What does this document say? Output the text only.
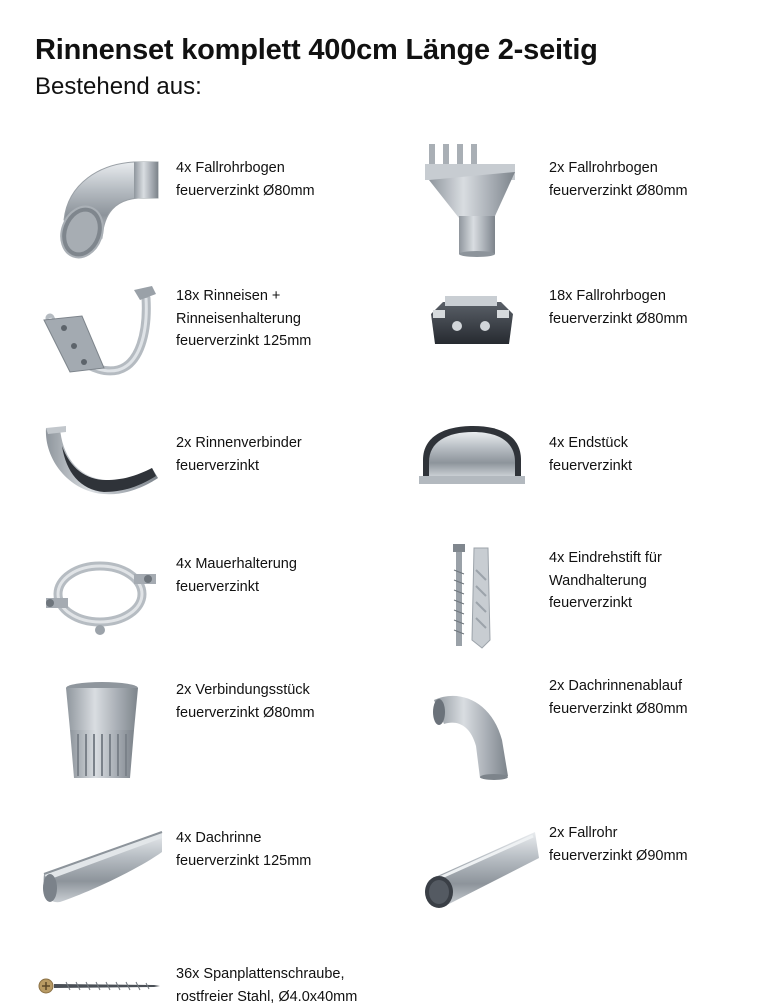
Rinnenset komplett 400cm Länge 2-seitig
Bestehend aus:
4x Fallrohrbogen
feuerverzinkt Ø80mm
2x Fallrohrbogen
feuerverzinkt Ø80mm
18x Rinneisen +
Rinneisenhalterung
feuerverzinkt 125mm
18x Fallrohrbogen
feuerverzinkt Ø80mm
2x Rinnenverbinder
feuerverzinkt
4x Endstück
feuerverzinkt
4x Mauerhalterung
feuerverzinkt
4x Eindrehstift für
Wandhalterung
feuerverzinkt
2x Verbindungsstück
feuerverzinkt Ø80mm
2x Dachrinnenablauf
feuerverzinkt Ø80mm
4x Dachrinne
feuerverzinkt 125mm
2x Fallrohr
feuerverzinkt Ø90mm
36x Spanplattenschraube,
rostfreier Stahl, Ø4.0x40mm
